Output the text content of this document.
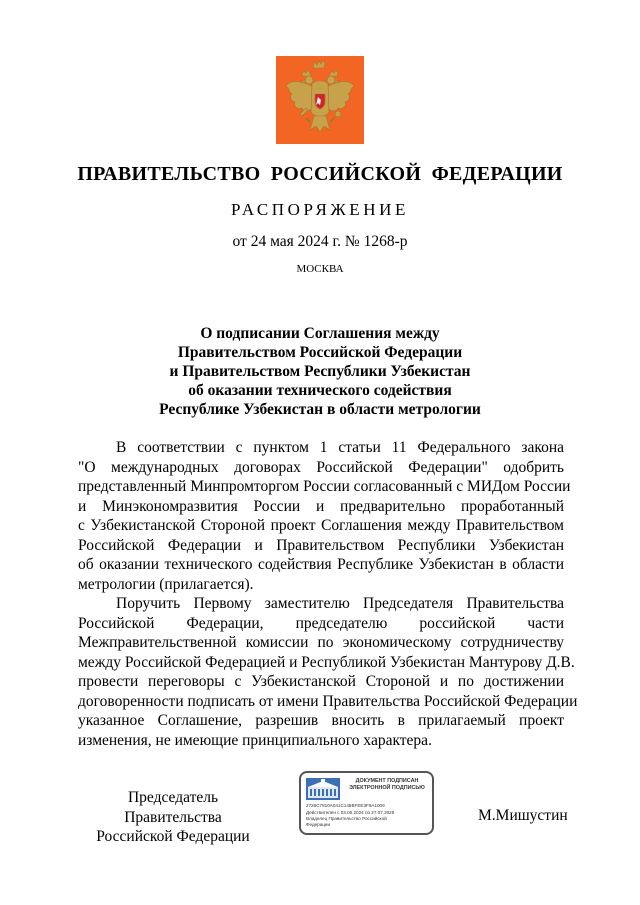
ПРАВИТЕЛЬСТВО РОССИЙСКОЙ ФЕДЕРАЦИИ
РАСПОРЯЖЕНИЕ
от 24 мая 2024 г. № 1268-р
МОСКВА
О подписании Соглашения между
Правительством Российской Федерации
и Правительством Республики Узбекистан
об оказании технического содействия
Республике Узбекистан в области метрологии
В соответствии с пунктом 1 статьи 11 Федерального закона
"О международных договорах Российской Федерации" одобрить
представленный Минпромторгом России согласованный с МИДом России
и Минэкономразвития России и предварительно проработанный
с Узбекистанской Стороной проект Соглашения между Правительством
Российской Федерации и Правительством Республики Узбекистан
об оказании технического содействия Республике Узбекистан в области
метрологии (прилагается).
Поручить Первому заместителю Председателя Правительства
Российской Федерации, председателю российской части
Межправительственной комиссии по экономическому сотрудничеству
между Российской Федерацией и Республикой Узбекистан Мантурову Д.В.
провести переговоры с Узбекистанской Стороной и по достижении
договоренности подписать от имени Правительства Российской Федерации
указанное Соглашение, разрешив вносить в прилагаемый проект
изменения, не имеющие принципиального характера.
Председатель Правительства
Российской Федерации
ДОКУМЕНТ ПОДПИСАН
ЭЛЕКТРОННОЙ ПОДПИСЬЮ
2726C7810A041C145BFEE3F8A1009
Действителен с 03.05.2024 по 27.07.2025
Владелец Правительство Российской
Федерации
М.Мишустин
